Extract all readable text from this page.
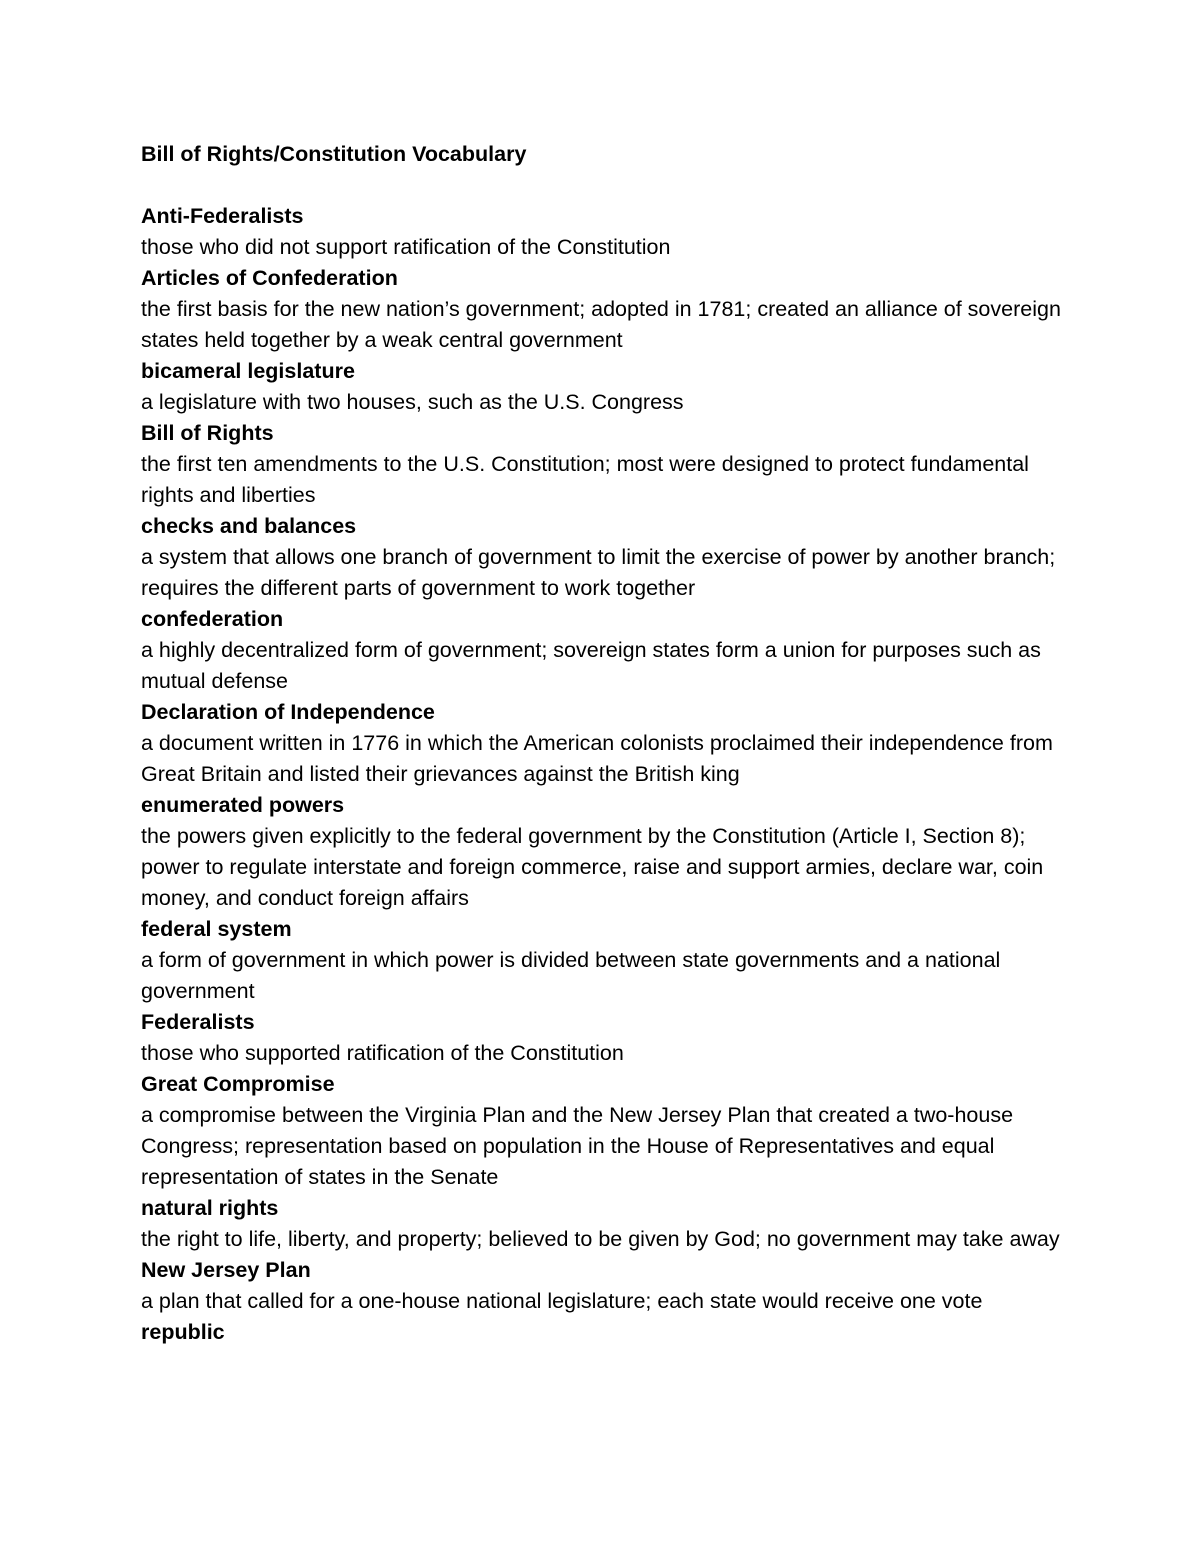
Bill of Rights/Constitution Vocabulary

Anti-Federalists

those who did not support ratification of the Constitution

Articles of Confederation

the first basis for the new nation’s government; adopted in 1781; created an alliance of sovereign states held together by a weak central government

bicameral legislature

a legislature with two houses, such as the U.S. Congress

Bill of Rights

the first ten amendments to the U.S. Constitution; most were designed to protect fundamental rights and liberties

checks and balances

a system that allows one branch of government to limit the exercise of power by another branch; requires the different parts of government to work together

confederation

a highly decentralized form of government; sovereign states form a union for purposes such as mutual defense

Declaration of Independence

a document written in 1776 in which the American colonists proclaimed their independence from Great Britain and listed their grievances against the British king

enumerated powers

the powers given explicitly to the federal government by the Constitution (Article I, Section 8); power to regulate interstate and foreign commerce, raise and support armies, declare war, coin money, and conduct foreign affairs

federal system

a form of government in which power is divided between state governments and a national government

Federalists

those who supported ratification of the Constitution

Great Compromise

a compromise between the Virginia Plan and the New Jersey Plan that created a two-house Congress; representation based on population in the House of Representatives and equal representation of states in the Senate

natural rights

the right to life, liberty, and property; believed to be given by God; no government may take away

New Jersey Plan

a plan that called for a one-house national legislature; each state would receive one vote

republic
